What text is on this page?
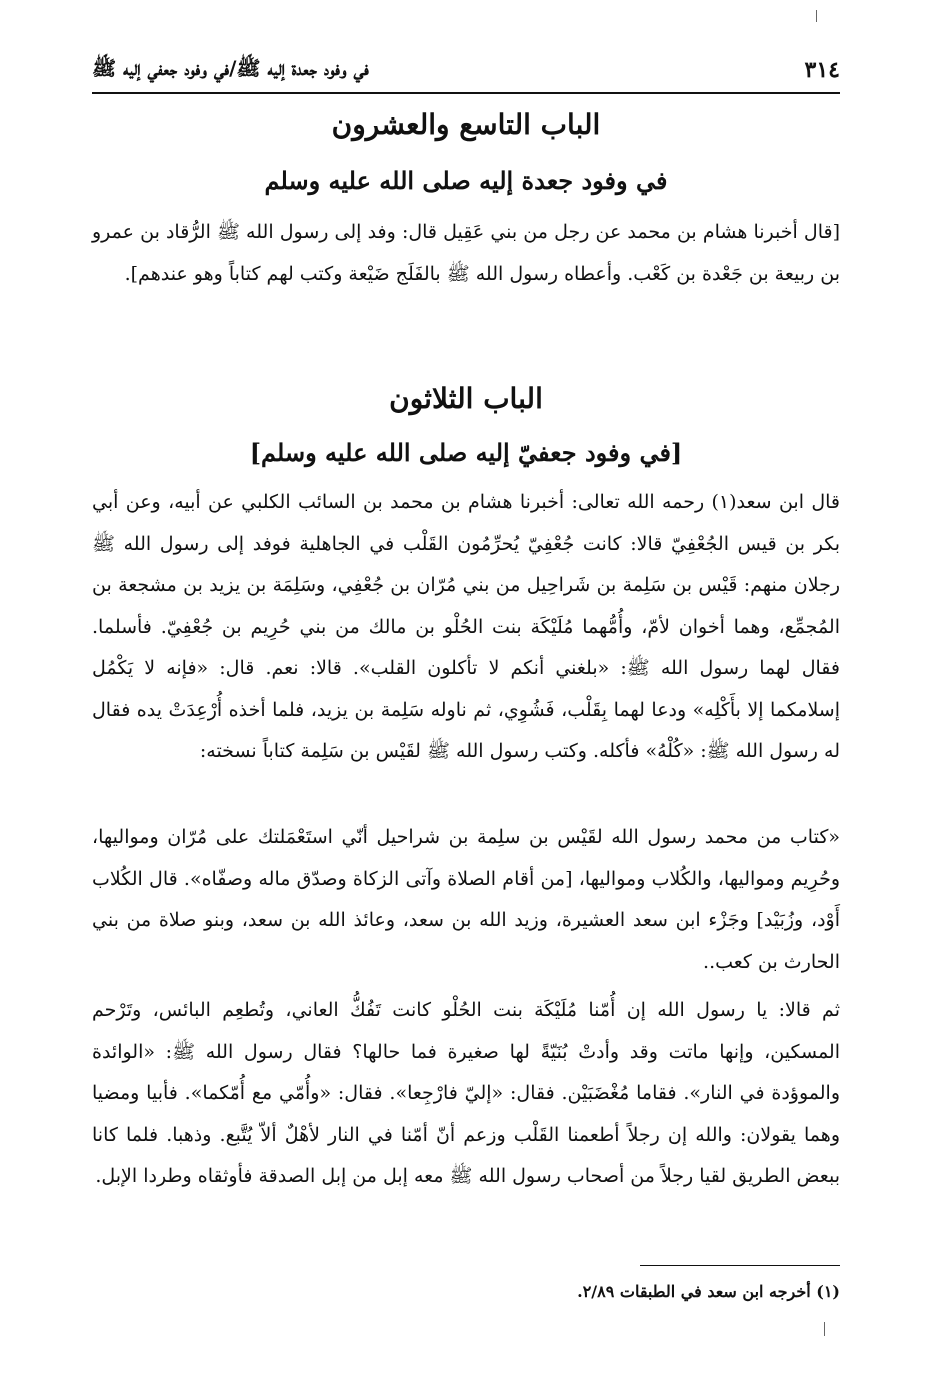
في وفود جعدة إليه ﷺ/في وفود جعفي إليه ﷺ	٣١٤
الباب التاسع والعشرون
في وفود جعدة إليه صلى الله عليه وسلم

[قال أخبرنا هشام بن محمد عن رجل من بني عَقِيل قال: وفد إلى رسول الله ﷺ الرُّقاد بن عمرو بن ربيعة بن جَعْدة بن كَعْب. وأعطاه رسول الله ﷺ بالفَلَج ضَيْعة وكتب لهم كتاباً وهو عندهم].

الباب الثلاثون
[في وفود جعفيّ إليه صلى الله عليه وسلم]

قال ابن سعد(١) رحمه الله تعالى: أخبرنا هشام بن محمد بن السائب الكلبي عن أبيه، وعن أبي بكر بن قيس الجُعْفِيّ قالا: كانت جُعْفِيّ يُحرِّمُون القَلْب في الجاهلية فوفد إلى رسول الله ﷺ رجلان منهم: قَيْس بن سَلِمة بن شَراحِيل من بني مُرّان بن جُعْفِي، وسَلِمَة بن يزيد بن مشجعة بن المُجمِّع، وهما أخوان لأمّ، وأُمُّهما مُلَيْكَة بنت الحُلْو بن مالك من بني حُرِيم بن جُعْفِيّ. فأسلما. فقال لهما رسول الله ﷺ: «بلغني أنكم لا تأكلون القلب». قالا: نعم. قال: «فإنه لا يَكْمُل إسلامكما إلا بأَكْلِه» ودعا لهما بِقَلْب، فَشُوِي، ثم ناوله سَلِمة بن يزيد، فلما أخذه أُرْعِدَتْ يده فقال له رسول الله ﷺ: «كُلْهُ» فأكله. وكتب رسول الله ﷺ لقَيْس بن سَلِمة كتاباً نسخته:

«كتاب من محمد رسول الله لقَيْس بن سلِمة بن شراحيل أنّي استَعْمَلتك على مُرّان ومواليها، وحُرِيم ومواليها، والكُلاب ومواليها، [من أقام الصلاة وآتى الزكاة وصدّق ماله وصفّاه». قال الكُلاب أَوْد، وزُبَيْد] وجَزْء ابن سعد العشيرة، وزيد الله بن سعد، وعائذ الله بن سعد، وبنو صلاة من بني الحارث بن كعب..

ثم قالا: يا رسول الله إن أُمّنا مُلَيْكَة بنت الحُلْو كانت تَفُكُّ العاني، وتُطعِم البائس، وتَرْحم المسكين، وإنها ماتت وقد وأدتْ بُنَيّةً لها صغيرة فما حالها؟ فقال رسول الله ﷺ: «الوائدة والموؤدة في النار». فقاما مُغْضَبَيْن. فقال: «إليّ فارْجِعا». فقال: «وأُمّي مع أُمّكما». فأبيا ومضيا وهما يقولان: والله إن رجلاً أطعمنا القَلْب وزعم أنّ أمّنا في النار لأهْلٌ ألاّ يُتَّبع. وذهبا. فلما كانا ببعض الطريق لقيا رجلاً من أصحاب رسول الله ﷺ معه إبل من إبل الصدقة فأوثقاه وطردا الإبل.

(١) أخرجه ابن سعد في الطبقات ٢/٨٩.
